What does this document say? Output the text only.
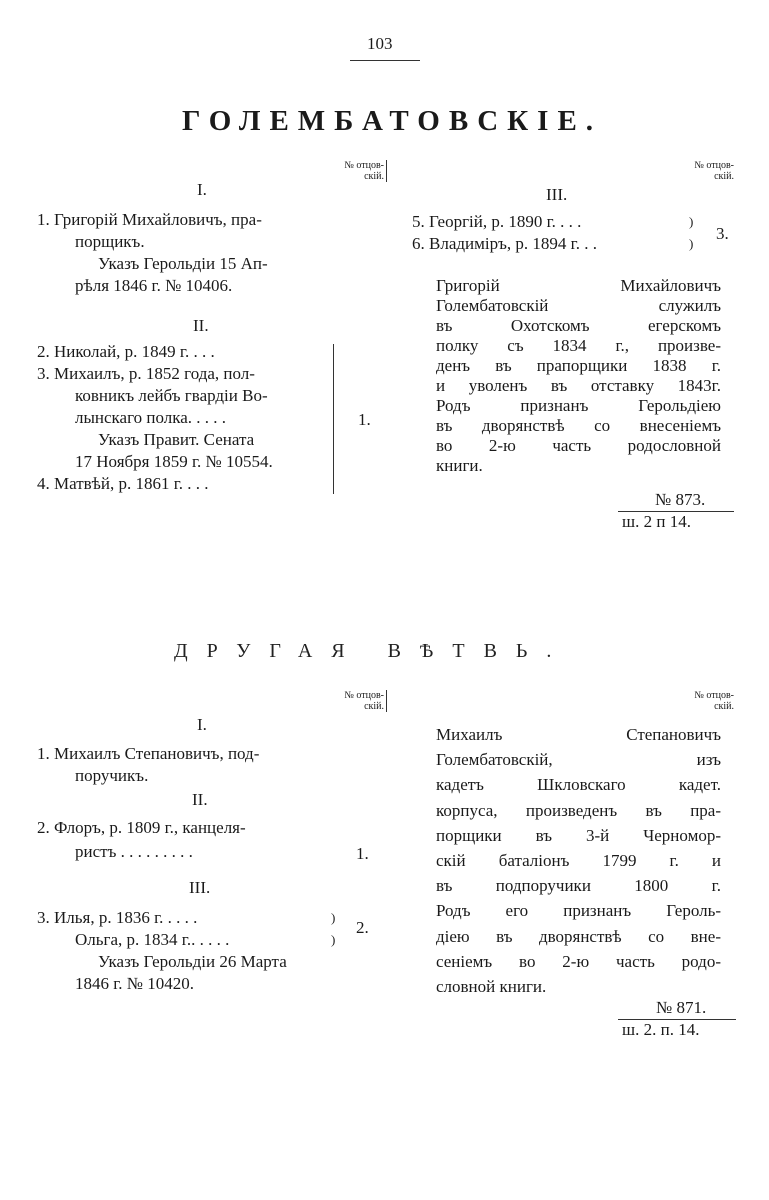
103
ГОЛЕМБАТОВСКІЕ.
№ отцов-
скій.
I.
1. Григорій Михайловичъ, пра-
порщикъ.
Указъ Герольдіи 15 Ап-
рѣля 1846 г. № 10406.
II.
2. Николай, р. 1849 г. . . .
3. Михаилъ, р. 1852 года, пол-
ковникъ лейбъ гвардіи Во-
лынскаго полка. . . . .
Указъ Правит. Сената
17 Ноября 1859 г. № 10554.
4. Матвѣй, р. 1861 г. . . .
1.
№ отцов-
скій.
III.
5. Георгій, р. 1890 г. . . .
6. Владиміръ, р. 1894 г. . .
)
)
3.
Григорій Михайловичъ
Голембатовскій служилъ
въ Охотскомъ егерскомъ
полку съ 1834 г., произве-
денъ въ прапорщики 1838 г.
и уволенъ въ отставку 1843г.
Родъ признанъ Герольдіею
въ дворянствѣ со внесеніемъ
во 2-ю часть родословной
книги.
№ 873.
ш. 2 п 14.
ДРУГАЯ ВѢТВЬ.
№ отцов-
скій.
I.
1. Михаилъ Степановичъ, под-
поручикъ.
II.
2. Флоръ, р. 1809 г., канцеля-
ристъ . . . . . . . . .	1.
III.
3. Илья, р. 1836 г. . . . .
Ольга, р. 1834 г.. . . . .
)
)
2.
Указъ Герольдіи 26 Марта
1846 г. № 10420.
№ отцов-
скій.
Михаилъ Степановичъ
Голембатовскій, изъ
кадетъ Шкловскаго кадет.
корпуса, произведенъ въ пра-
порщики въ 3-й Черномор-
скій баталіонъ 1799 г. и
въ подпоручики 1800 г.
Родъ его признанъ Героль-
діею въ дворянствѣ со вне-
сеніемъ во 2-ю часть родо-
словной книги.
№ 871.
ш. 2. п. 14.
